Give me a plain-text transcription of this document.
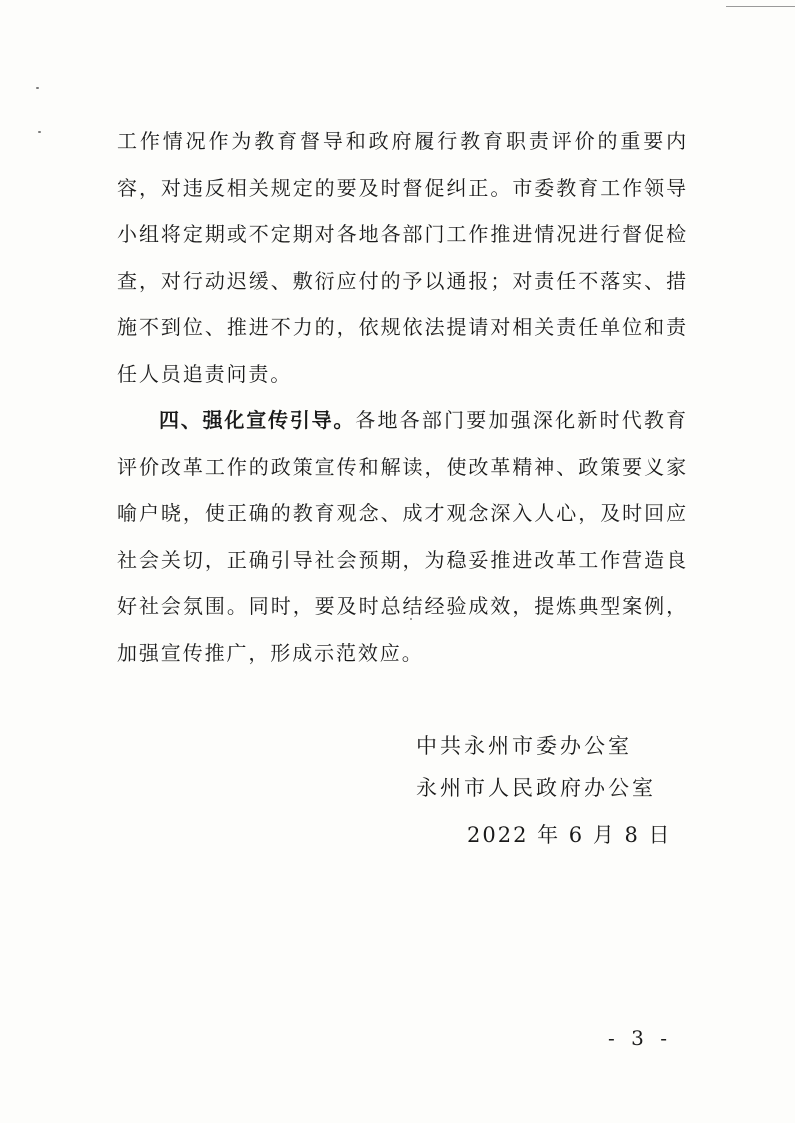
工作情况作为教育督导和政府履行教育职责评价的重要内容，对违反相关规定的要及时督促纠正。市委教育工作领导小组将定期或不定期对各地各部门工作推进情况进行督促检查，对行动迟缓、敷衍应付的予以通报；对责任不落实、措施不到位、推进不力的，依规依法提请对相关责任单位和责任人员追责问责。

四、强化宣传引导。各地各部门要加强深化新时代教育评价改革工作的政策宣传和解读，使改革精神、政策要义家喻户晓，使正确的教育观念、成才观念深入人心，及时回应社会关切，正确引导社会预期，为稳妥推进改革工作营造良好社会氛围。同时，要及时总结经验成效，提炼典型案例，加强宣传推广，形成示范效应。

中共永州市委办公室
永州市人民政府办公室
2022 年 6 月 8 日
- 3 -
